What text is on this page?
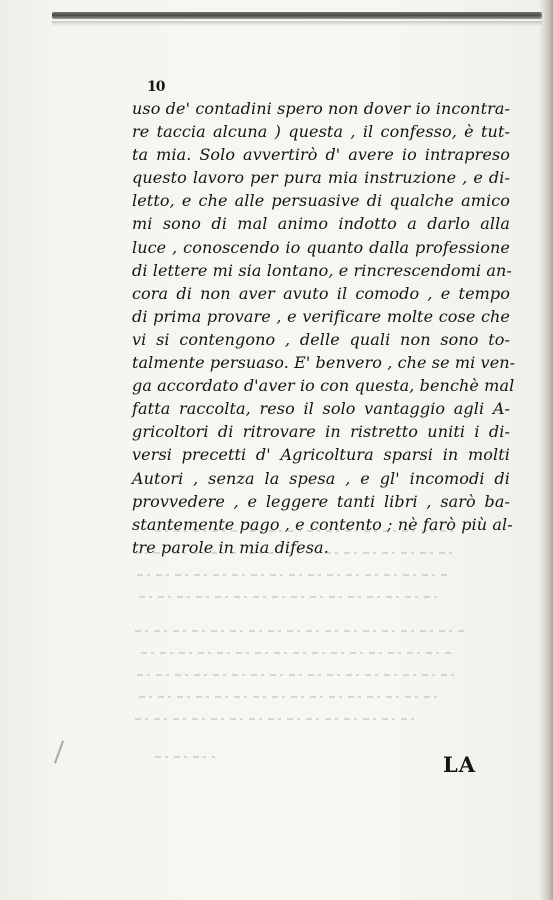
10
uso de' contadini spero non dover io incontra-
re taccia alcuna ) questa , il confesso, è tut-
ta mia. Solo avvertirò d' avere io intrapreso
questo lavoro per pura mia instruzione , e di-
letto, e che alle persuasive di qualche amico
mi sono di mal animo indotto a darlo alla
luce , conoscendo io quanto dalla professione
di lettere mi sia lontano, e rincrescendomi an-
cora di non aver avuto il comodo , e tempo
di prima provare , e verificare molte cose che
vi si contengono , delle quali non sono to-
talmente persuaso. E' benvero , che se mi ven-
ga accordato d'aver io con questa, benchè mal
fatta raccolta, reso il solo vantaggio agli A-
gricoltori di ritrovare in ristretto uniti i di-
versi precetti d' Agricoltura sparsi in molti
Autori , senza la spesa , e gl' incomodi di
provvedere , e leggere tanti libri , sarò ba-
stantemente pago , e contento ; nè farò più al-
tre parole in mia difesa.
LA
